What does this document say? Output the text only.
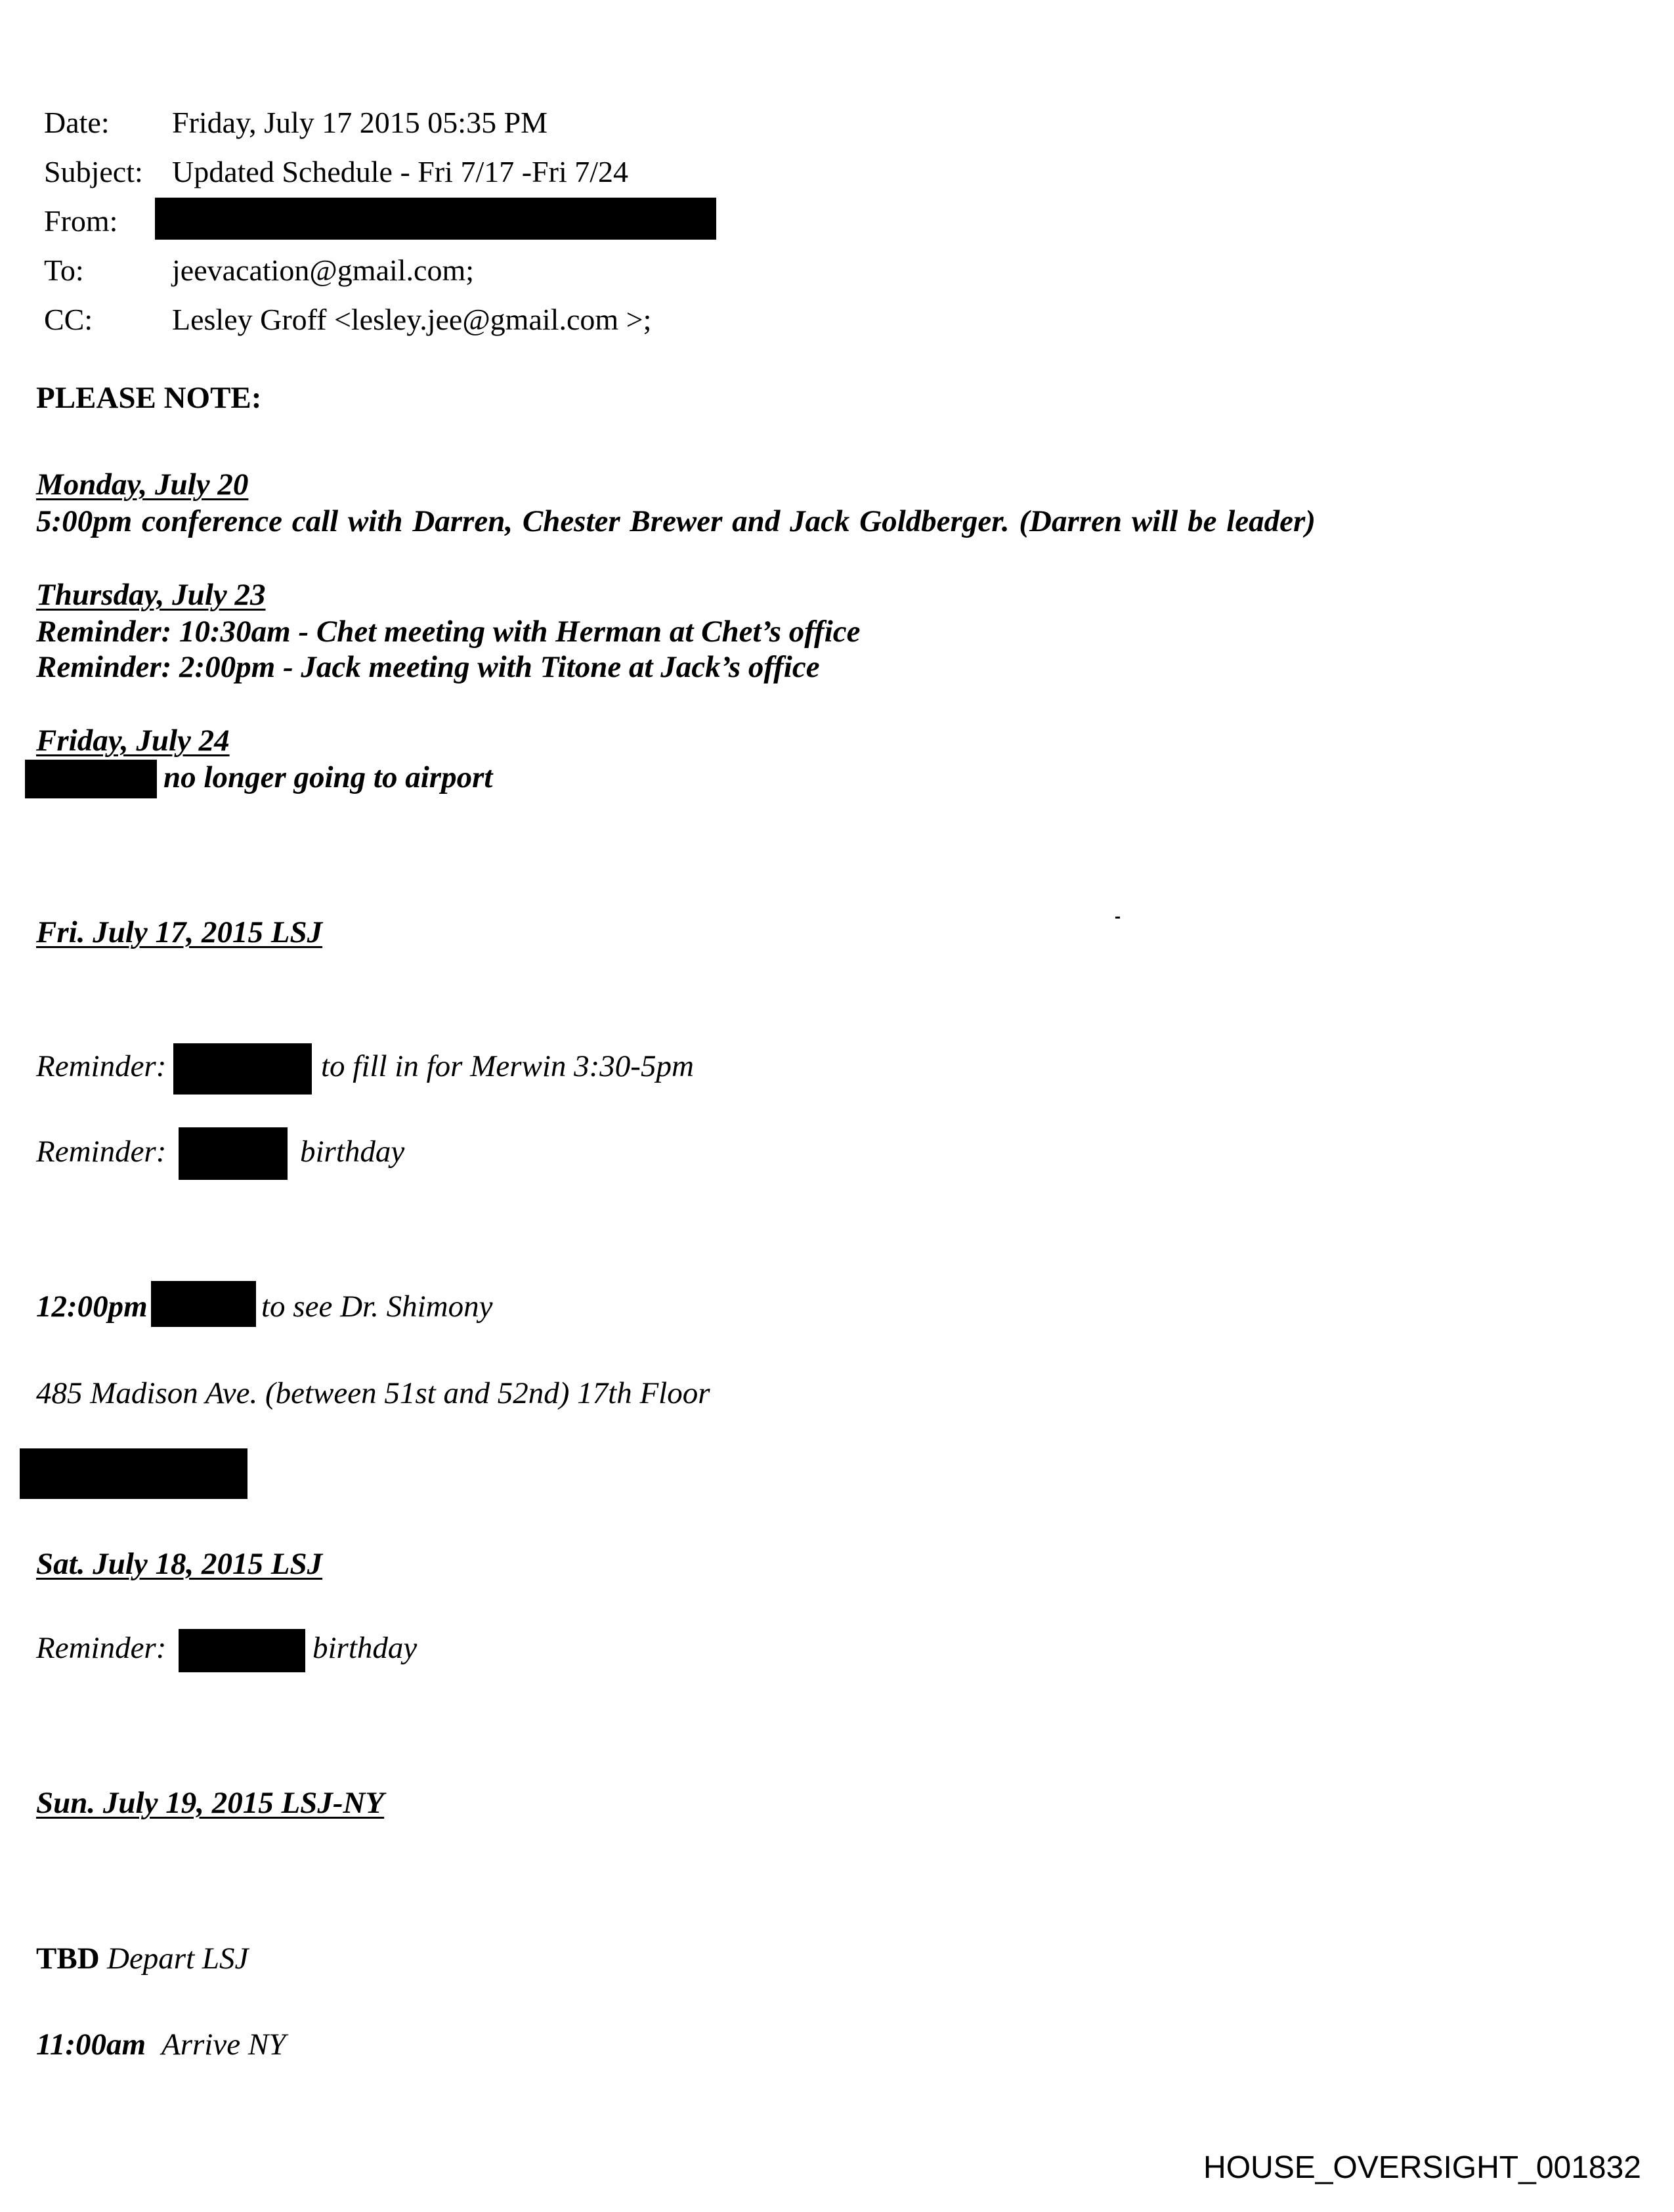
Date: Friday, July 17 2015 05:35 PM
Subject: Updated Schedule - Fri 7/17 -Fri 7/24
From:
To:	jeevacation@gmail.com;
CC:	Lesley Groff <lesley.jee@gmail.com >;
PLEASE NOTE:
Monday, July 20
5:00pm conference call with Darren, Chester Brewer and Jack Goldberger. (Darren will be leader)
Thursday, July 23
Reminder: 10:30am - Chet meeting with Herman at Chet’s office
Reminder: 2:00pm - Jack meeting with Titone at Jack’s office
Friday, July 24
no longer going to airport
Fri. July 17, 2015 LSJ
Reminder:	to fill in for Merwin 3:30-5pm
Reminder:	birthday
12:00pm	to see Dr. Shimony
485 Madison Ave. (between 51st and 52nd) 17th Floor
Sat. July 18, 2015 LSJ
Reminder:	birthday
Sun. July 19, 2015 LSJ-NY
TBD Depart LSJ
11:00am Arrive NY
HOUSE_OVERSIGHT_001832
